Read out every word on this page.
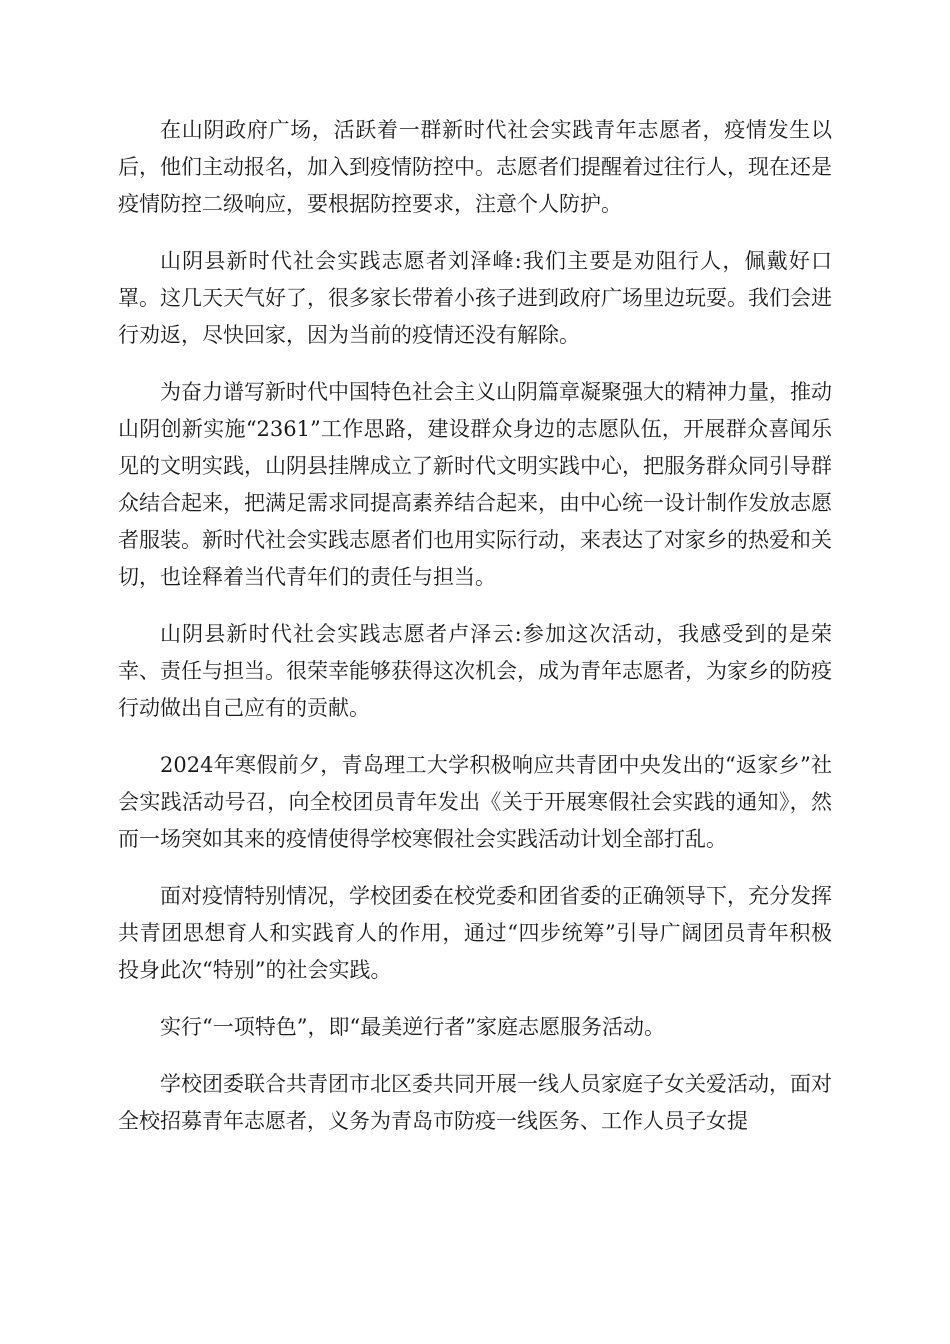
在山阴政府广场，活跃着一群新时代社会实践青年志愿者，疫情发生以后，他们主动报名，加入到疫情防控中。志愿者们提醒着过往行人，现在还是疫情防控二级响应，要根据防控要求，注意个人防护。

山阴县新时代社会实践志愿者刘泽峰:我们主要是劝阻行人，佩戴好口罩。这几天天气好了，很多家长带着小孩子进到政府广场里边玩耍。我们会进行劝返，尽快回家，因为当前的疫情还没有解除。

为奋力谱写新时代中国特色社会主义山阴篇章凝聚强大的精神力量，推动山阴创新实施“2361”工作思路，建设群众身边的志愿队伍，开展群众喜闻乐见的文明实践，山阴县挂牌成立了新时代文明实践中心，把服务群众同引导群众结合起来，把满足需求同提高素养结合起来，由中心统一设计制作发放志愿者服装。新时代社会实践志愿者们也用实际行动，来表达了对家乡的热爱和关切，也诠释着当代青年们的责任与担当。

山阴县新时代社会实践志愿者卢泽云:参加这次活动，我感受到的是荣幸、责任与担当。很荣幸能够获得这次机会，成为青年志愿者，为家乡的防疫行动做出自己应有的贡献。

2024年寒假前夕，青岛理工大学积极响应共青团中央发出的“返家乡”社会实践活动号召，向全校团员青年发出《关于开展寒假社会实践的通知》，然而一场突如其来的疫情使得学校寒假社会实践活动计划全部打乱。

面对疫情特别情况，学校团委在校党委和团省委的正确领导下，充分发挥共青团思想育人和实践育人的作用，通过“四步统筹”引导广阔团员青年积极投身此次“特别”的社会实践。

实行“一项特色”，即“最美逆行者”家庭志愿服务活动。

学校团委联合共青团市北区委共同开展一线人员家庭子女关爱活动，面对全校招募青年志愿者，义务为青岛市防疫一线医务、工作人员子女提
